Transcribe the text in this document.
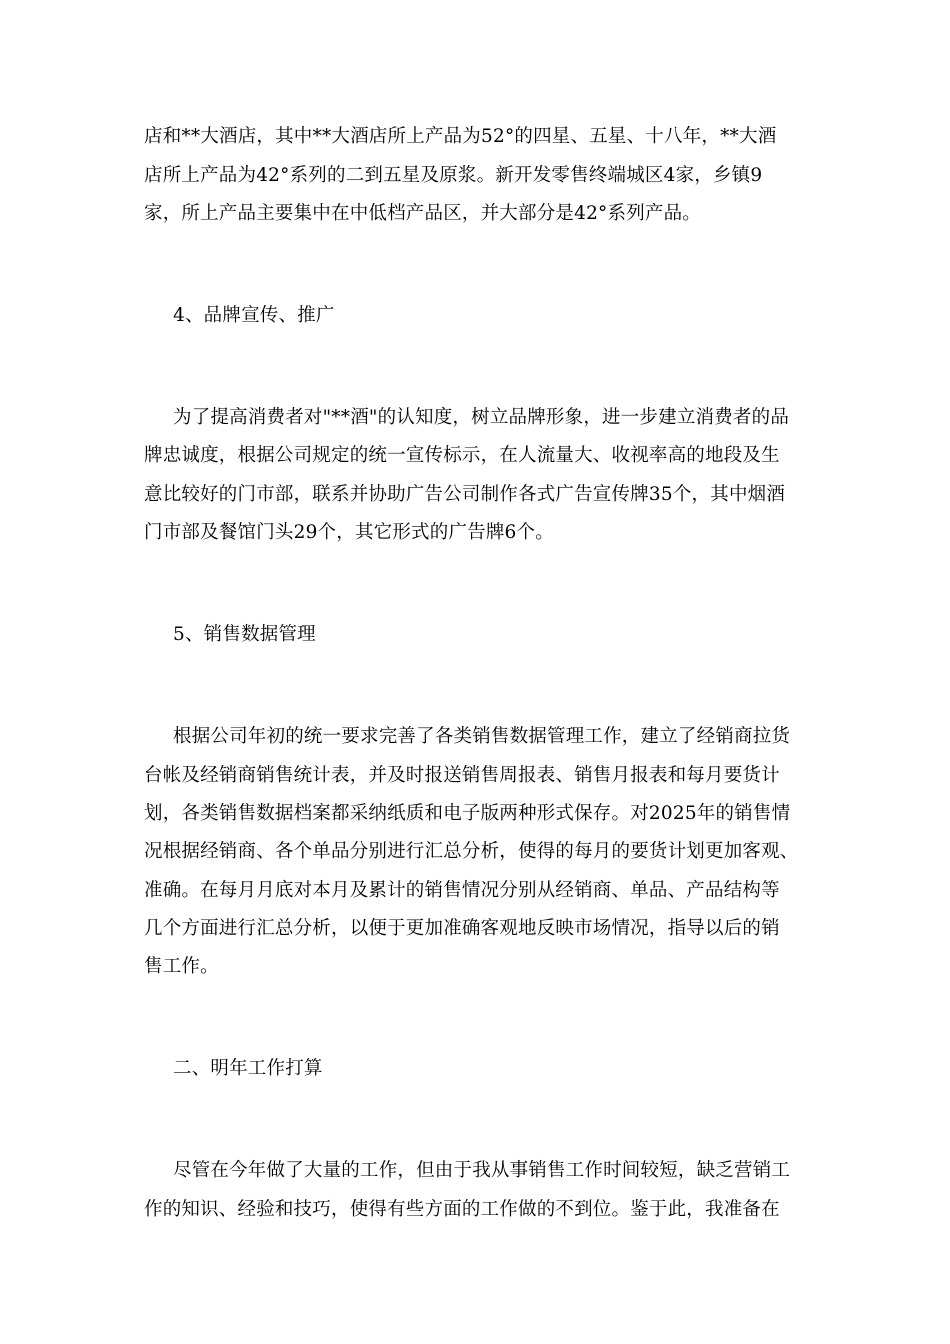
店和**大酒店，其中**大酒店所上产品为52°的四星、五星、十八年，**大酒
店所上产品为42°系列的二到五星及原浆。新开发零售终端城区4家，乡镇9
家，所上产品主要集中在中低档产品区，并大部分是42°系列产品。
4、品牌宣传、推广
为了提高消费者对"**酒"的认知度，树立品牌形象，进一步建立消费者的品
牌忠诚度，根据公司规定的统一宣传标示，在人流量大、收视率高的地段及生
意比较好的门市部，联系并协助广告公司制作各式广告宣传牌35个，其中烟酒
门市部及餐馆门头29个，其它形式的广告牌6个。
5、销售数据管理
根据公司年初的统一要求完善了各类销售数据管理工作，建立了经销商拉货
台帐及经销商销售统计表，并及时报送销售周报表、销售月报表和每月要货计
划，各类销售数据档案都采纳纸质和电子版两种形式保存。对2025年的销售情
况根据经销商、各个单品分别进行汇总分析，使得的每月的要货计划更加客观、
准确。在每月月底对本月及累计的销售情况分别从经销商、单品、产品结构等
几个方面进行汇总分析，以便于更加准确客观地反映市场情况，指导以后的销
售工作。
二、明年工作打算
尽管在今年做了大量的工作，但由于我从事销售工作时间较短，缺乏营销工
作的知识、经验和技巧，使得有些方面的工作做的不到位。鉴于此，我准备在
